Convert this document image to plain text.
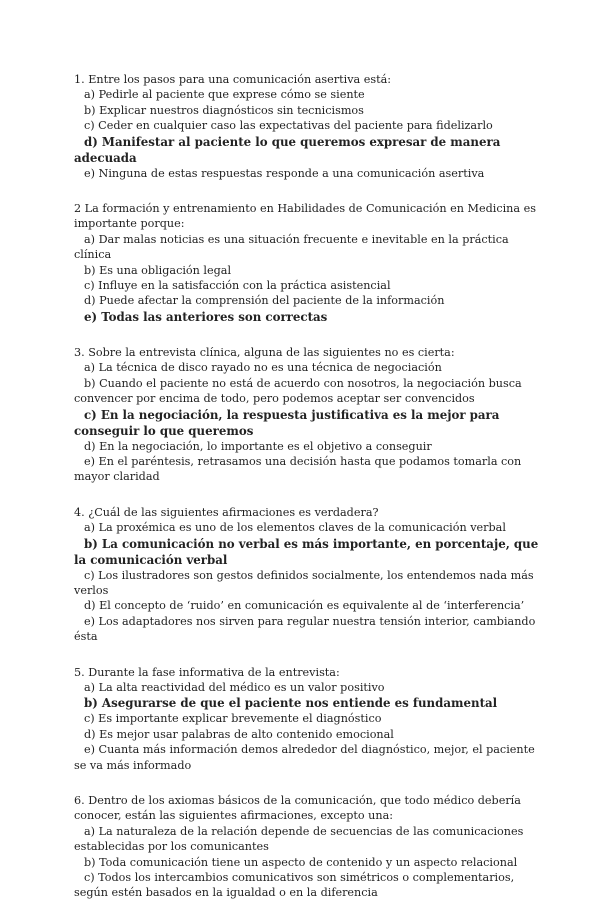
1. Entre los pasos para una comunicación asertiva está:

a) Pedirle al paciente que exprese cómo se siente

b) Explicar nuestros diagnósticos sin tecnicismos

c) Ceder en cualquier caso las expectativas del paciente para fidelizarlo

d) Manifestar al paciente lo que queremos expresar de manera adecuada

e) Ninguna de estas respuestas responde a una comunicación asertiva

2 La formación y entrenamiento en Habilidades de Comunicación en Medicina es importante porque:

a) Dar malas noticias es una situación frecuente e inevitable en la práctica clínica

b) Es una obligación legal

c) Influye en la satisfacción con la práctica asistencial

d) Puede afectar la comprensión del paciente de la información

e) Todas las anteriores son correctas

3. Sobre la entrevista clínica, alguna de las siguientes no es cierta:

a) La técnica de disco rayado no es una técnica de negociación

b) Cuando el paciente no está de acuerdo con nosotros, la negociación busca convencer por encima de todo, pero podemos aceptar ser convencidos

c) En la negociación, la respuesta justificativa es la mejor para conseguir lo que queremos

d) En la negociación, lo importante es el objetivo a conseguir

e) En el paréntesis, retrasamos una decisión hasta que podamos tomarla con mayor claridad

4. ¿Cuál de las siguientes afirmaciones es verdadera?

a) La proxémica es uno de los elementos claves de la comunicación verbal

b) La comunicación no verbal es más importante, en porcentaje, que la comunicación verbal

c) Los ilustradores son gestos definidos socialmente, los entendemos nada más verlos

d) El concepto de ‘ruido’ en comunicación es equivalente al de ‘interferencia’

e) Los adaptadores nos sirven para regular nuestra tensión interior, cambiando ésta

5. Durante la fase informativa de la entrevista:

a) La alta reactividad del médico es un valor positivo

b) Asegurarse de que el paciente nos entiende es fundamental

c) Es importante explicar brevemente el diagnóstico

d) Es mejor usar palabras de alto contenido emocional

e) Cuanta más información demos alrededor del diagnóstico, mejor, el paciente se va más informado

6. Dentro de los axiomas básicos de la comunicación, que todo médico debería conocer, están las siguientes afirmaciones, excepto una:

a) La naturaleza de la relación depende de secuencias de las comunicaciones establecidas por los comunicantes

b) Toda comunicación tiene un aspecto de contenido y un aspecto relacional

c) Todos los intercambios comunicativos son simétricos o complementarios, según estén basados en la igualdad o en la diferencia
